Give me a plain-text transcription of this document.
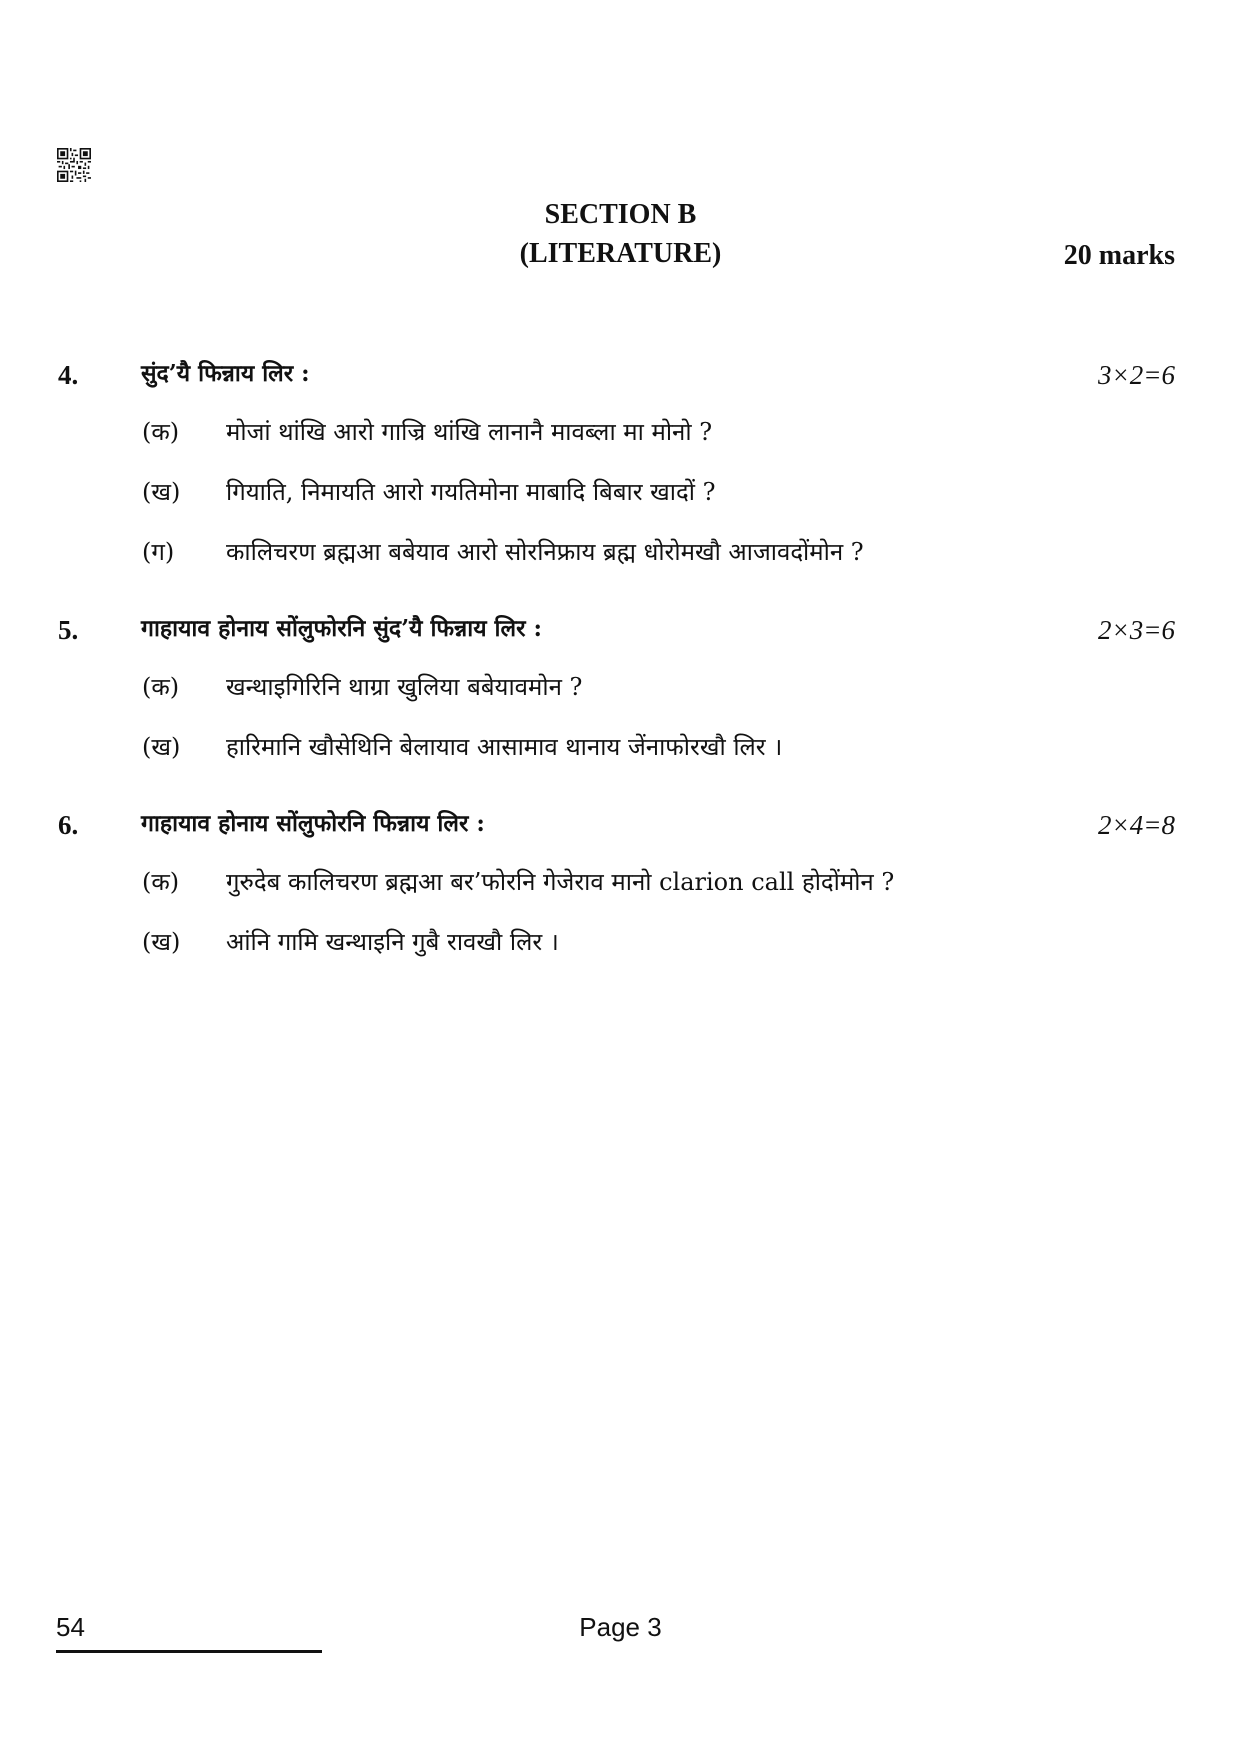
SECTION B
(LITERATURE)	20 marks
4.	सुंद’यै फिन्नाय लिर :	3×2=6
(क) मोजां थांखि आरो गाज्रि थांखि लानानै मावब्ला मा मोनो ?
(ख) गियाति, निमायति आरो गयतिमोना माबादि बिबार खादों ?
(ग) कालिचरण ब्रह्मआ बबेयाव आरो सोरनिफ्राय ब्रह्म धोरोमखौ आजावदोंमोन ?
5.	गाहायाव होनाय सोंलुफोरनि सुंद’यै फिन्नाय लिर :	2×3=6
(क) खन्थाइगिरिनि थाग्रा खुलिया बबेयावमोन ?
(ख) हारिमानि खौसेथिनि बेलायाव आसामाव थानाय जेंनाफोरखौ लिर ।
6.	गाहायाव होनाय सोंलुफोरनि फिन्नाय लिर :	2×4=8
(क) गुरुदेब कालिचरण ब्रह्मआ बर’फोरनि गेजेराव मानो clarion call होदोंमोन ?
(ख) आंनि गामि खन्थाइनि गुबै रावखौ लिर ।
54	Page 3
